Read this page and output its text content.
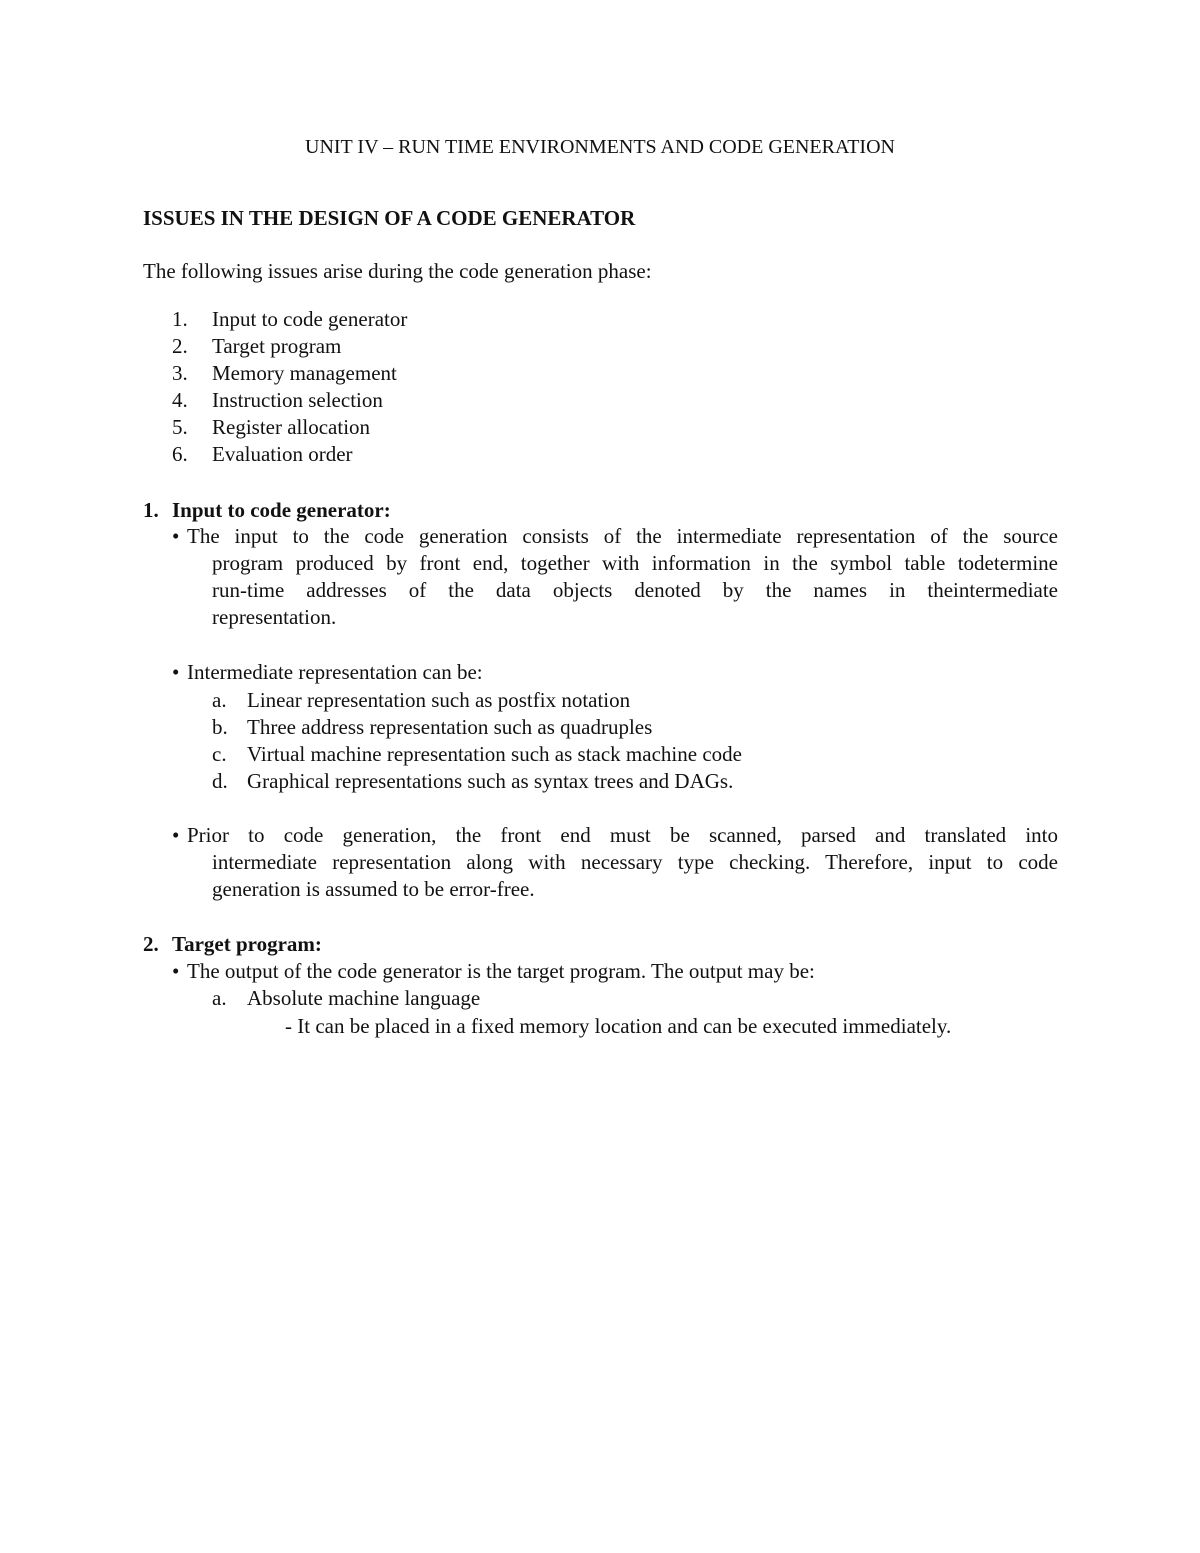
UNIT IV – RUN TIME ENVIRONMENTS AND CODE GENERATION
ISSUES IN THE DESIGN OF A CODE GENERATOR
The following issues arise during the code generation phase:
1. Input to code generator
2. Target program
3. Memory management
4. Instruction selection
5. Register allocation
6. Evaluation order
1. Input to code generator:
• The input to the code generation consists of the intermediate representation of the source
program produced by front end, together with information in the symbol table todetermine
run-time addresses of the data objects denoted by the names in theintermediate
representation.
• Intermediate representation can be:
a. Linear representation such as postfix notation
b. Three address representation such as quadruples
c. Virtual machine representation such as stack machine code
d. Graphical representations such as syntax trees and DAGs.
• Prior to code generation, the front end must be scanned, parsed and translated into
intermediate representation along with necessary type checking. Therefore, input to code
generation is assumed to be error-free.
2. Target program:
• The output of the code generator is the target program. The output may be:
a. Absolute machine language
- It can be placed in a fixed memory location and can be executed immediately.
